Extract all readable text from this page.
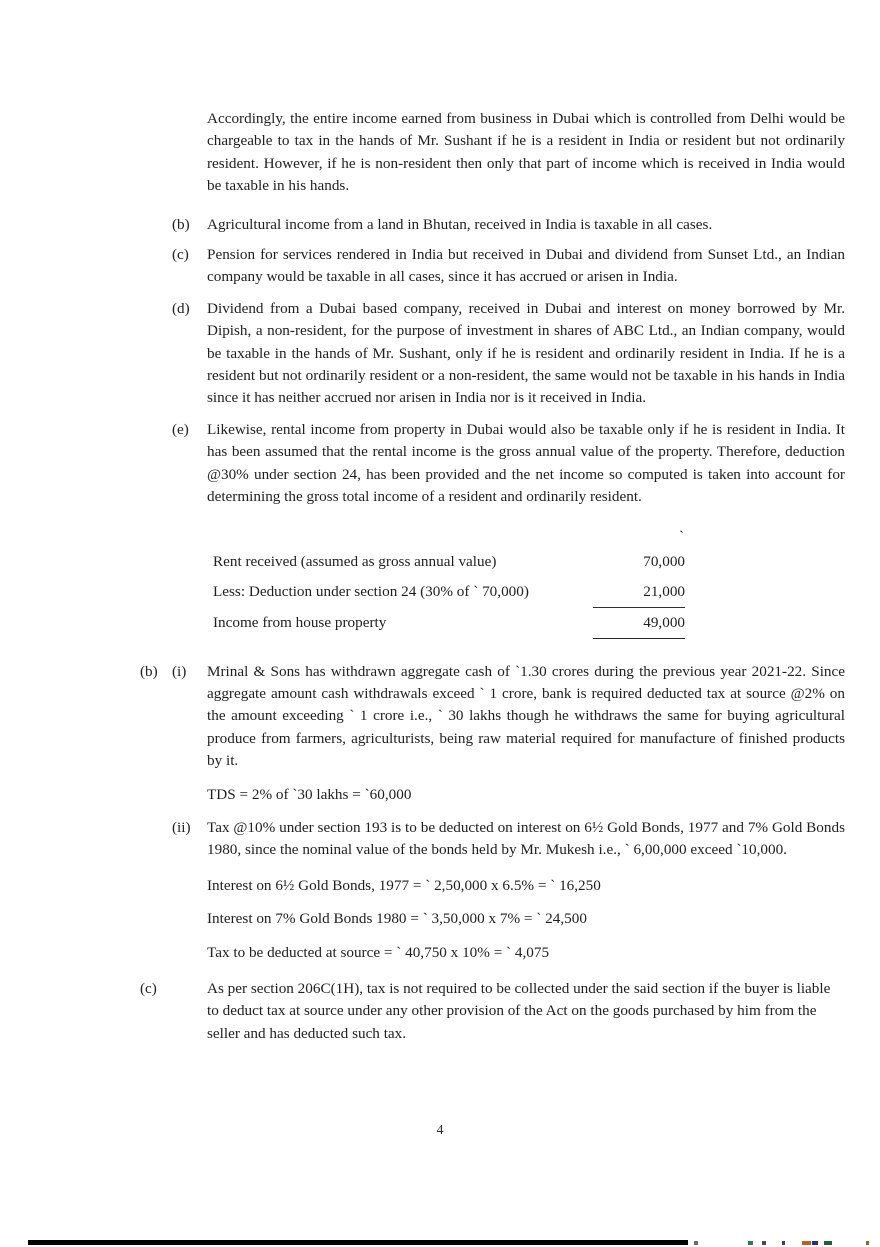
Accordingly, the entire income earned from business in Dubai which is controlled from Delhi would be chargeable to tax in the hands of Mr. Sushant if he is a resident in India or resident but not ordinarily resident. However, if he is non-resident then only that part of income which is received in India would be taxable in his hands.
(b) Agricultural income from a land in Bhutan, received in India is taxable in all cases.
(c) Pension for services rendered in India but received in Dubai and dividend from Sunset Ltd., an Indian company would be taxable in all cases, since it has accrued or arisen in India.
(d) Dividend from a Dubai based company, received in Dubai and interest on money borrowed by Mr. Dipish, a non-resident, for the purpose of investment in shares of ABC Ltd., an Indian company, would be taxable in the hands of Mr. Sushant, only if he is resident and ordinarily resident in India. If he is a resident but not ordinarily resident or a non-resident, the same would not be taxable in his hands in India since it has neither accrued nor arisen in India nor is it received in India.
(e) Likewise, rental income from property in Dubai would also be taxable only if he is resident in India. It has been assumed that the rental income is the gross annual value of the property. Therefore, deduction @30% under section 24, has been provided and the net income so computed is taken into account for determining the gross total income of a resident and ordinarily resident.
`
Rent received (assumed as gross annual value)	70,000
Less: Deduction under section 24 (30% of ` 70,000)	21,000
Income from house property	49,000
(b) (i) Mrinal & Sons has withdrawn aggregate cash of `1.30 crores during the previous year 2021-22. Since aggregate amount cash withdrawals exceed ` 1 crore, bank is required deducted tax at source @2% on the amount exceeding ` 1 crore i.e., ` 30 lakhs though he withdraws the same for buying agricultural produce from farmers, agriculturists, being raw material required for manufacture of finished products by it.
TDS = 2% of `30 lakhs = `60,000
(ii) Tax @10% under section 193 is to be deducted on interest on 6½ Gold Bonds, 1977 and 7% Gold Bonds 1980, since the nominal value of the bonds held by Mr. Mukesh i.e., ` 6,00,000 exceed `10,000.
Interest on 6½ Gold Bonds, 1977 = ` 2,50,000 x 6.5% = ` 16,250
Interest on 7% Gold Bonds 1980 = ` 3,50,000 x 7% = ` 24,500
Tax to be deducted at source = ` 40,750 x 10% = ` 4,075
(c)	As per section 206C(1H), tax is not required to be collected under the said section if the buyer is liable to deduct tax at source under any other provision of the Act on the goods purchased by him from the seller and has deducted such tax.
4
